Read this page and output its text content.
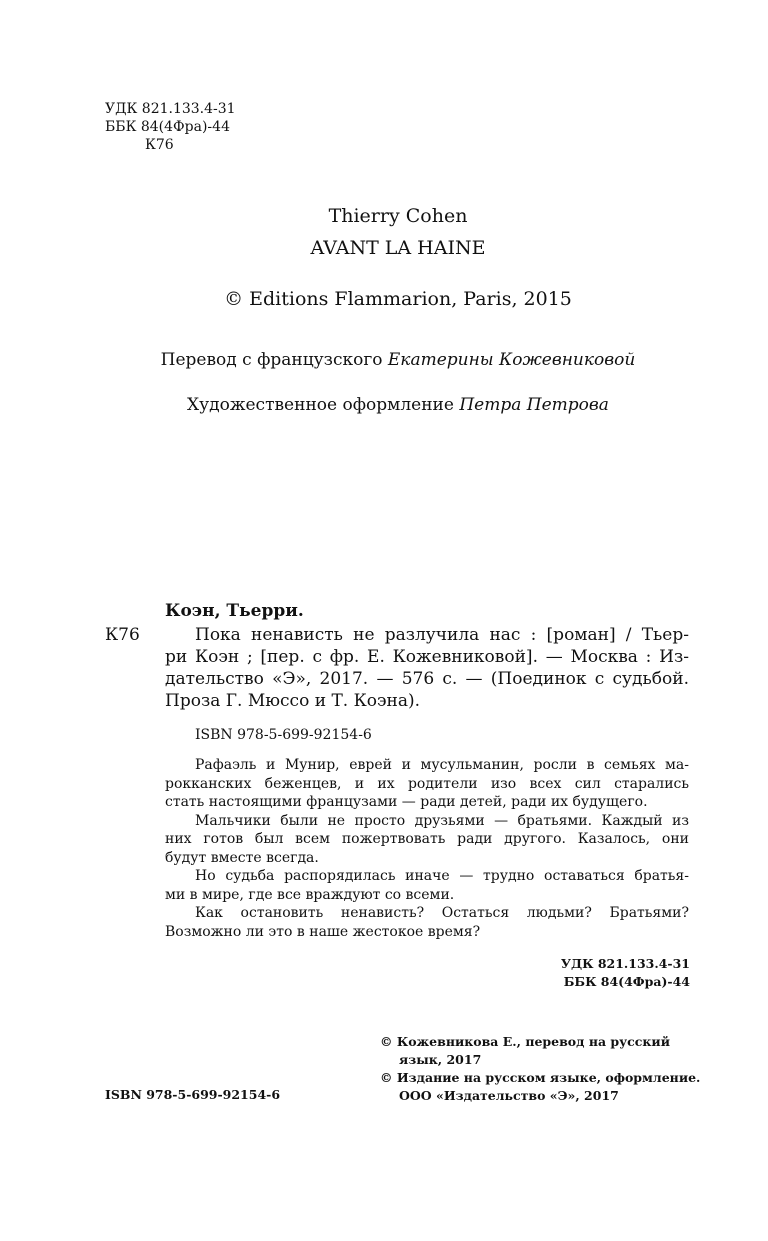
УДК 821.133.4-31
ББК 84(4Фра)-44
К76
Thierry Cohen
AVANT LA HAINE
© Editions Flammarion, Paris, 2015
Перевод с французского Екатерины Кожевниковой
Художественное оформление Петра Петрова
Коэн, Тьерри.
К76	Пока ненависть не разлучила нас : [роман] / Тьер-
ри Коэн ; [пер. с фр. Е. Кожевниковой]. — Москва : Из-
дательство «Э», 2017. — 576 с. — (Поединок с судьбой.
Проза Г. Мюссо и Т. Коэна).
ISBN 978-5-699-92154-6
Рафаэль и Мунир, еврей и мусульманин, росли в семьях ма-
рокканских беженцев, и их родители изо всех сил старались
стать настоящими французами — ради детей, ради их будущего.
Мальчики были не просто друзьями — братьями. Каждый из
них готов был всем пожертвовать ради другого. Казалось, они
будут вместе всегда.
Но судьба распорядилась иначе — трудно оставаться братья-
ми в мире, где все враждуют со всеми.
Как остановить ненависть? Остаться людьми? Братьями?
Возможно ли это в наше жестокое время?
УДК 821.133.4-31
ББК 84(4Фра)-44
ISBN 978-5-699-92154-6
© Кожевникова Е., перевод на русский
язык, 2017
© Издание на русском языке, оформление.
ООО «Издательство «Э», 2017
